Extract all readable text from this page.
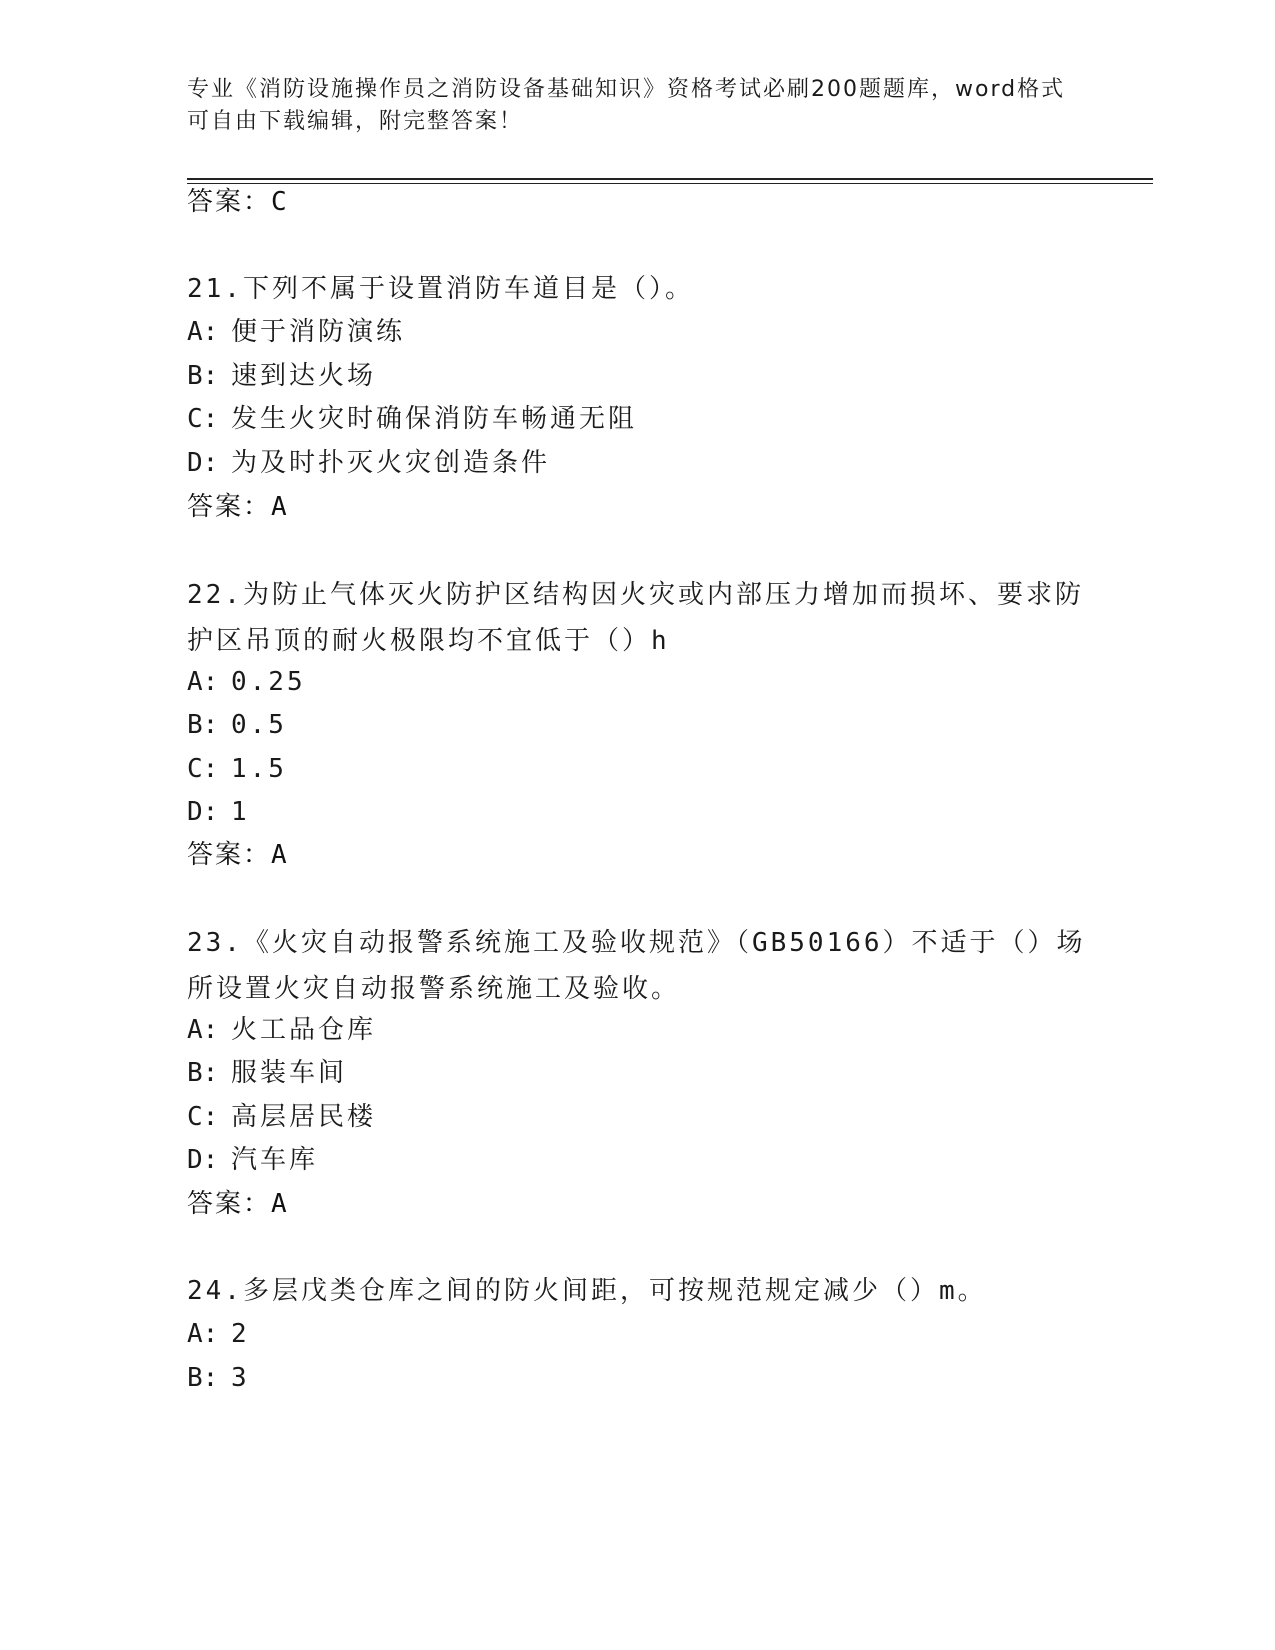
专业《消防设施操作员之消防设备基础知识》资格考试必刷200题题库，word格式可自由下载编辑，附完整答案！
答案：C
21.下列不属于设置消防车道目是（）。
A: 便于消防演练
B: 速到达火场
C: 发生火灾时确保消防车畅通无阻
D: 为及时扑灭火灾创造条件
答案：A
22.为防止气体灭火防护区结构因火灾或内部压力增加而损坏、要求防护区吊顶的耐火极限均不宜低于（）h
A: 0.25
B: 0.5
C: 1.5
D: 1
答案：A
23.《火灾自动报警系统施工及验收规范》（GB50166）不适于（）场所设置火灾自动报警系统施工及验收。
A: 火工品仓库
B: 服装车间
C: 高层居民楼
D: 汽车库
答案：A
24.多层戊类仓库之间的防火间距，可按规范规定减少（）m。
A: 2
B: 3
